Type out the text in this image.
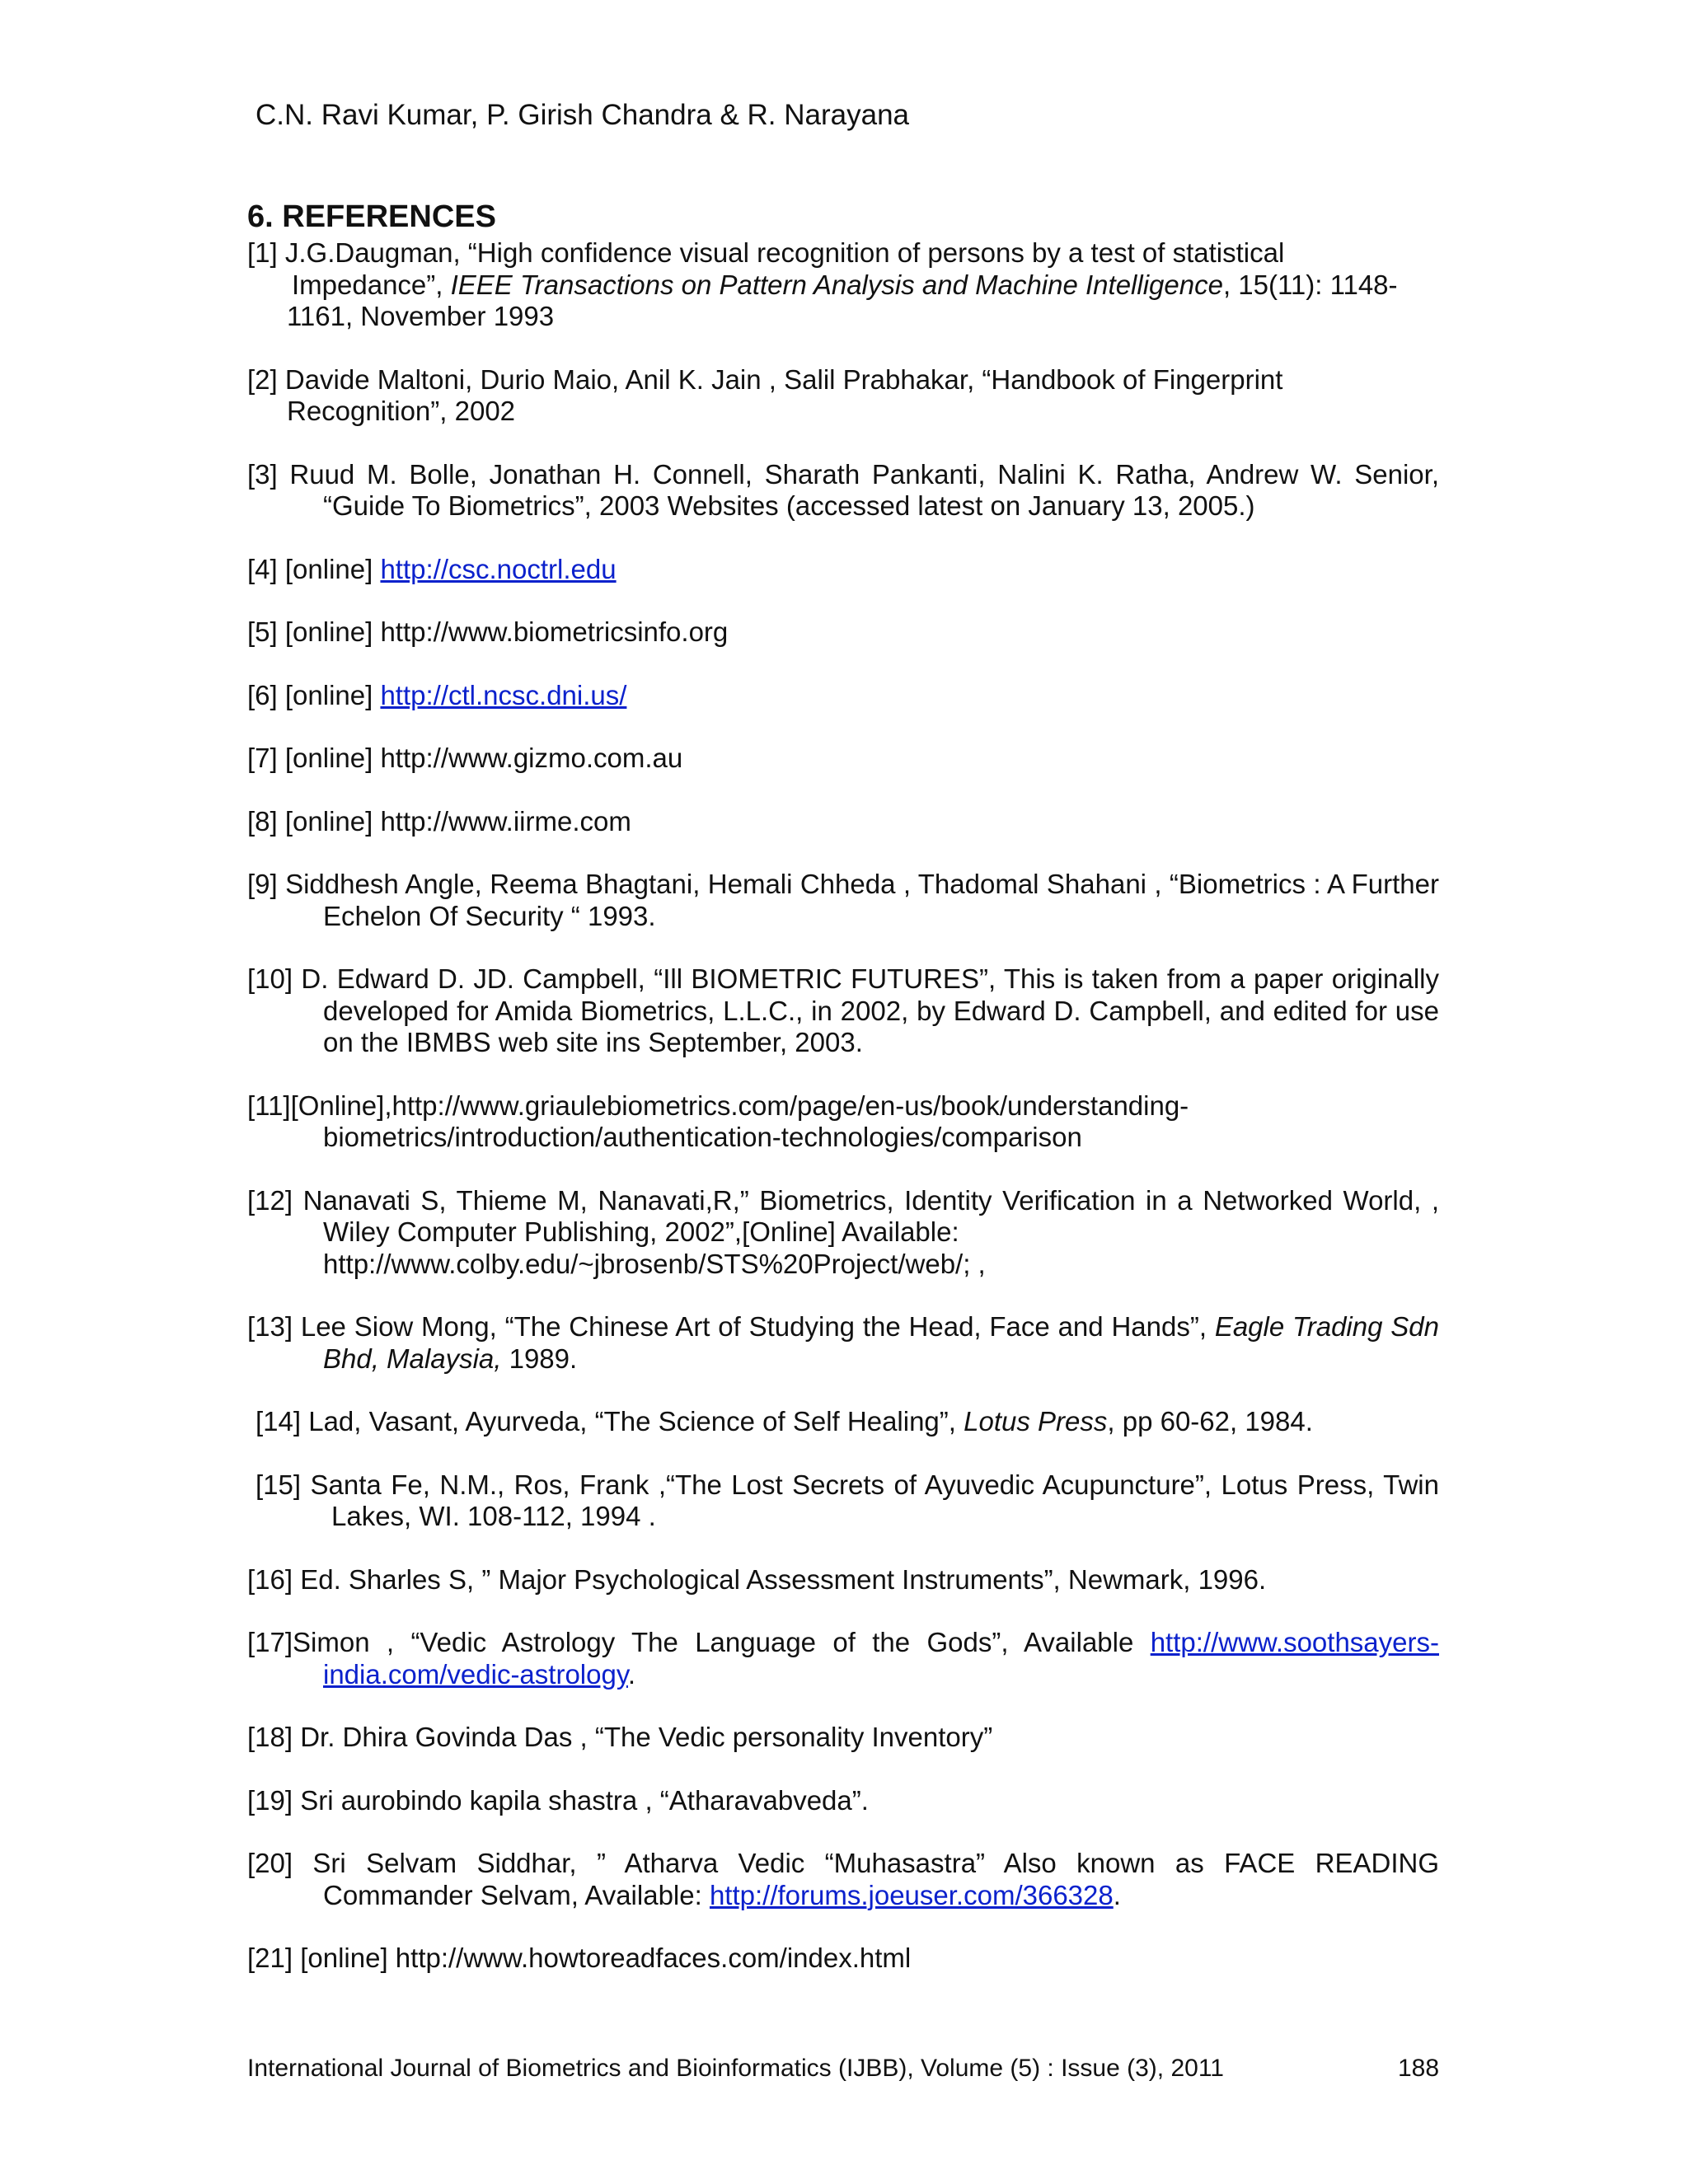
C.N. Ravi Kumar, P. Girish Chandra & R. Narayana
6. REFERENCES
[1] J.G.Daugman, “High confidence visual recognition of persons by a test of statistical
Impedance”, IEEE Transactions on Pattern Analysis and Machine Intelligence, 15(11): 1148-
1161, November 1993
[2] Davide Maltoni, Durio Maio, Anil K. Jain , Salil Prabhakar, “Handbook of Fingerprint
Recognition”, 2002
[3] Ruud M. Bolle, Jonathan H. Connell, Sharath Pankanti, Nalini K. Ratha, Andrew W. Senior, “Guide To Biometrics”, 2003 Websites (accessed latest on January 13, 2005.)
[4] [online] http://csc.noctrl.edu
[5] [online] http://www.biometricsinfo.org
[6] [online] http://ctl.ncsc.dni.us/
[7] [online] http://www.gizmo.com.au
[8] [online] http://www.iirme.com
[9] Siddhesh Angle, Reema Bhagtani, Hemali Chheda , Thadomal Shahani , “Biometrics : A Further Echelon Of Security “ 1993.
[10] D. Edward D. JD. Campbell, “Ill BIOMETRIC FUTURES”, This is taken from a paper originally developed for Amida Biometrics, L.L.C., in 2002, by Edward D. Campbell, and edited for use on the IBMBS web site ins September, 2003.
[11][Online],http://www.griaulebiometrics.com/page/en-us/book/understanding-
biometrics/introduction/authentication-technologies/comparison
[12] Nanavati S, Thieme M, Nanavati,R,” Biometrics, Identity Verification in a Networked World, , Wiley Computer Publishing, 2002”,[Online] Available:
http://www.colby.edu/~jbrosenb/STS%20Project/web/; ,
[13] Lee Siow Mong, “The Chinese Art of Studying the Head, Face and Hands”, Eagle Trading Sdn Bhd, Malaysia, 1989.
[14] Lad, Vasant, Ayurveda, “The Science of Self Healing”, Lotus Press, pp 60-62, 1984.
[15] Santa Fe, N.M., Ros, Frank ,“The Lost Secrets of Ayuvedic Acupuncture”, Lotus Press, Twin Lakes, WI. 108-112, 1994 .
[16] Ed. Sharles S, ” Major Psychological Assessment Instruments”, Newmark, 1996.
[17]Simon , “Vedic Astrology The Language of the Gods”, Available http://www.soothsayers-india.com/vedic-astrology.
[18] Dr. Dhira Govinda Das , “The Vedic personality Inventory”
[19] Sri aurobindo kapila shastra , “Atharavabveda”.
[20] Sri Selvam Siddhar, ” Atharva Vedic “Muhasastra” Also known as FACE READING Commander Selvam, Available: http://forums.joeuser.com/366328.
[21] [online] http://www.howtoreadfaces.com/index.html
International Journal of Biometrics and Bioinformatics (IJBB), Volume (5) : Issue (3), 2011	188
